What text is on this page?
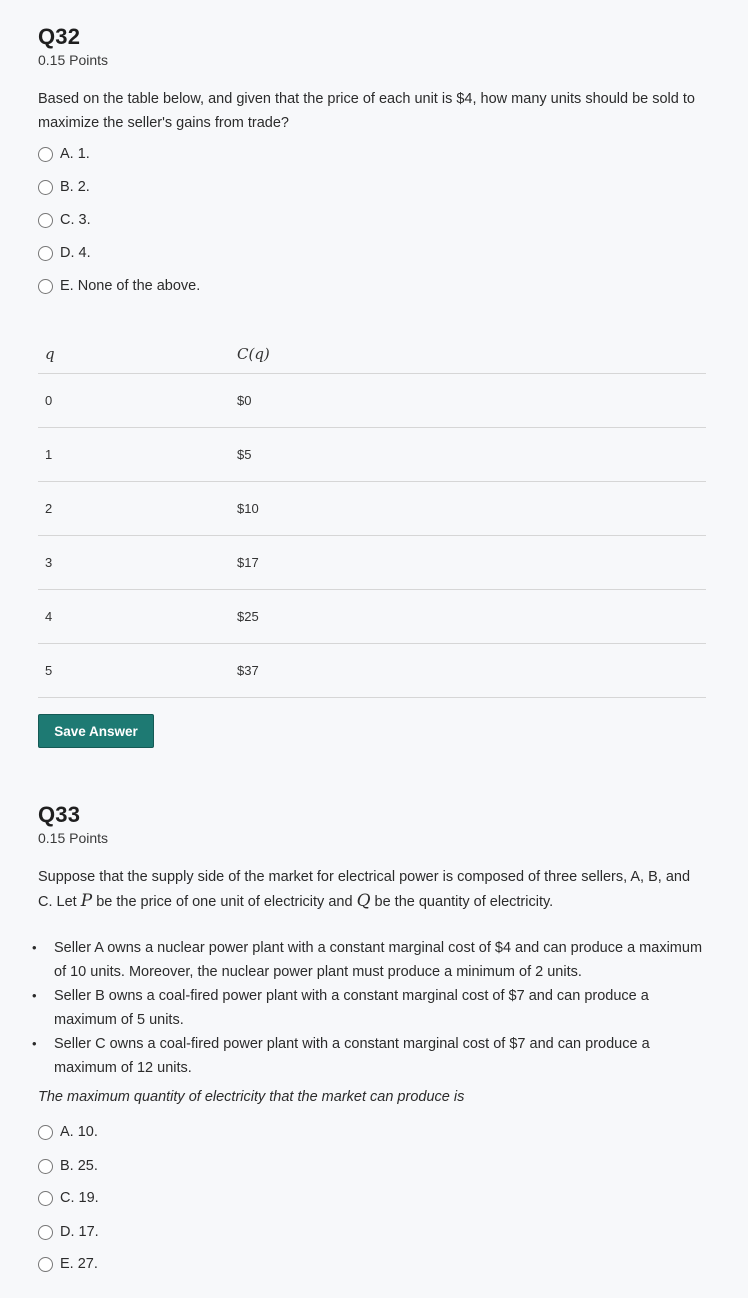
Q32
0.15 Points
Based on the table below, and given that the price of each unit is $4, how many units should be sold to maximize the seller's gains from trade?
A. 1.
B. 2.
C. 3.
D. 4.
E. None of the above.
q	C(q)
0	$0
1	$5
2	$10
3	$17
4	$25
5	$37
Save Answer
Q33
0.15 Points
Suppose that the supply side of the market for electrical power is composed of three sellers, A, B, and C. Let P be the price of one unit of electricity and Q be the quantity of electricity.
• Seller A owns a nuclear power plant with a constant marginal cost of $4 and can produce a maximum of 10 units. Moreover, the nuclear power plant must produce a minimum of 2 units.
• Seller B owns a coal-fired power plant with a constant marginal cost of $7 and can produce a maximum of 5 units.
• Seller C owns a coal-fired power plant with a constant marginal cost of $7 and can produce a maximum of 12 units.
The maximum quantity of electricity that the market can produce is
A. 10.
B. 25.
C. 19.
D. 17.
E. 27.
